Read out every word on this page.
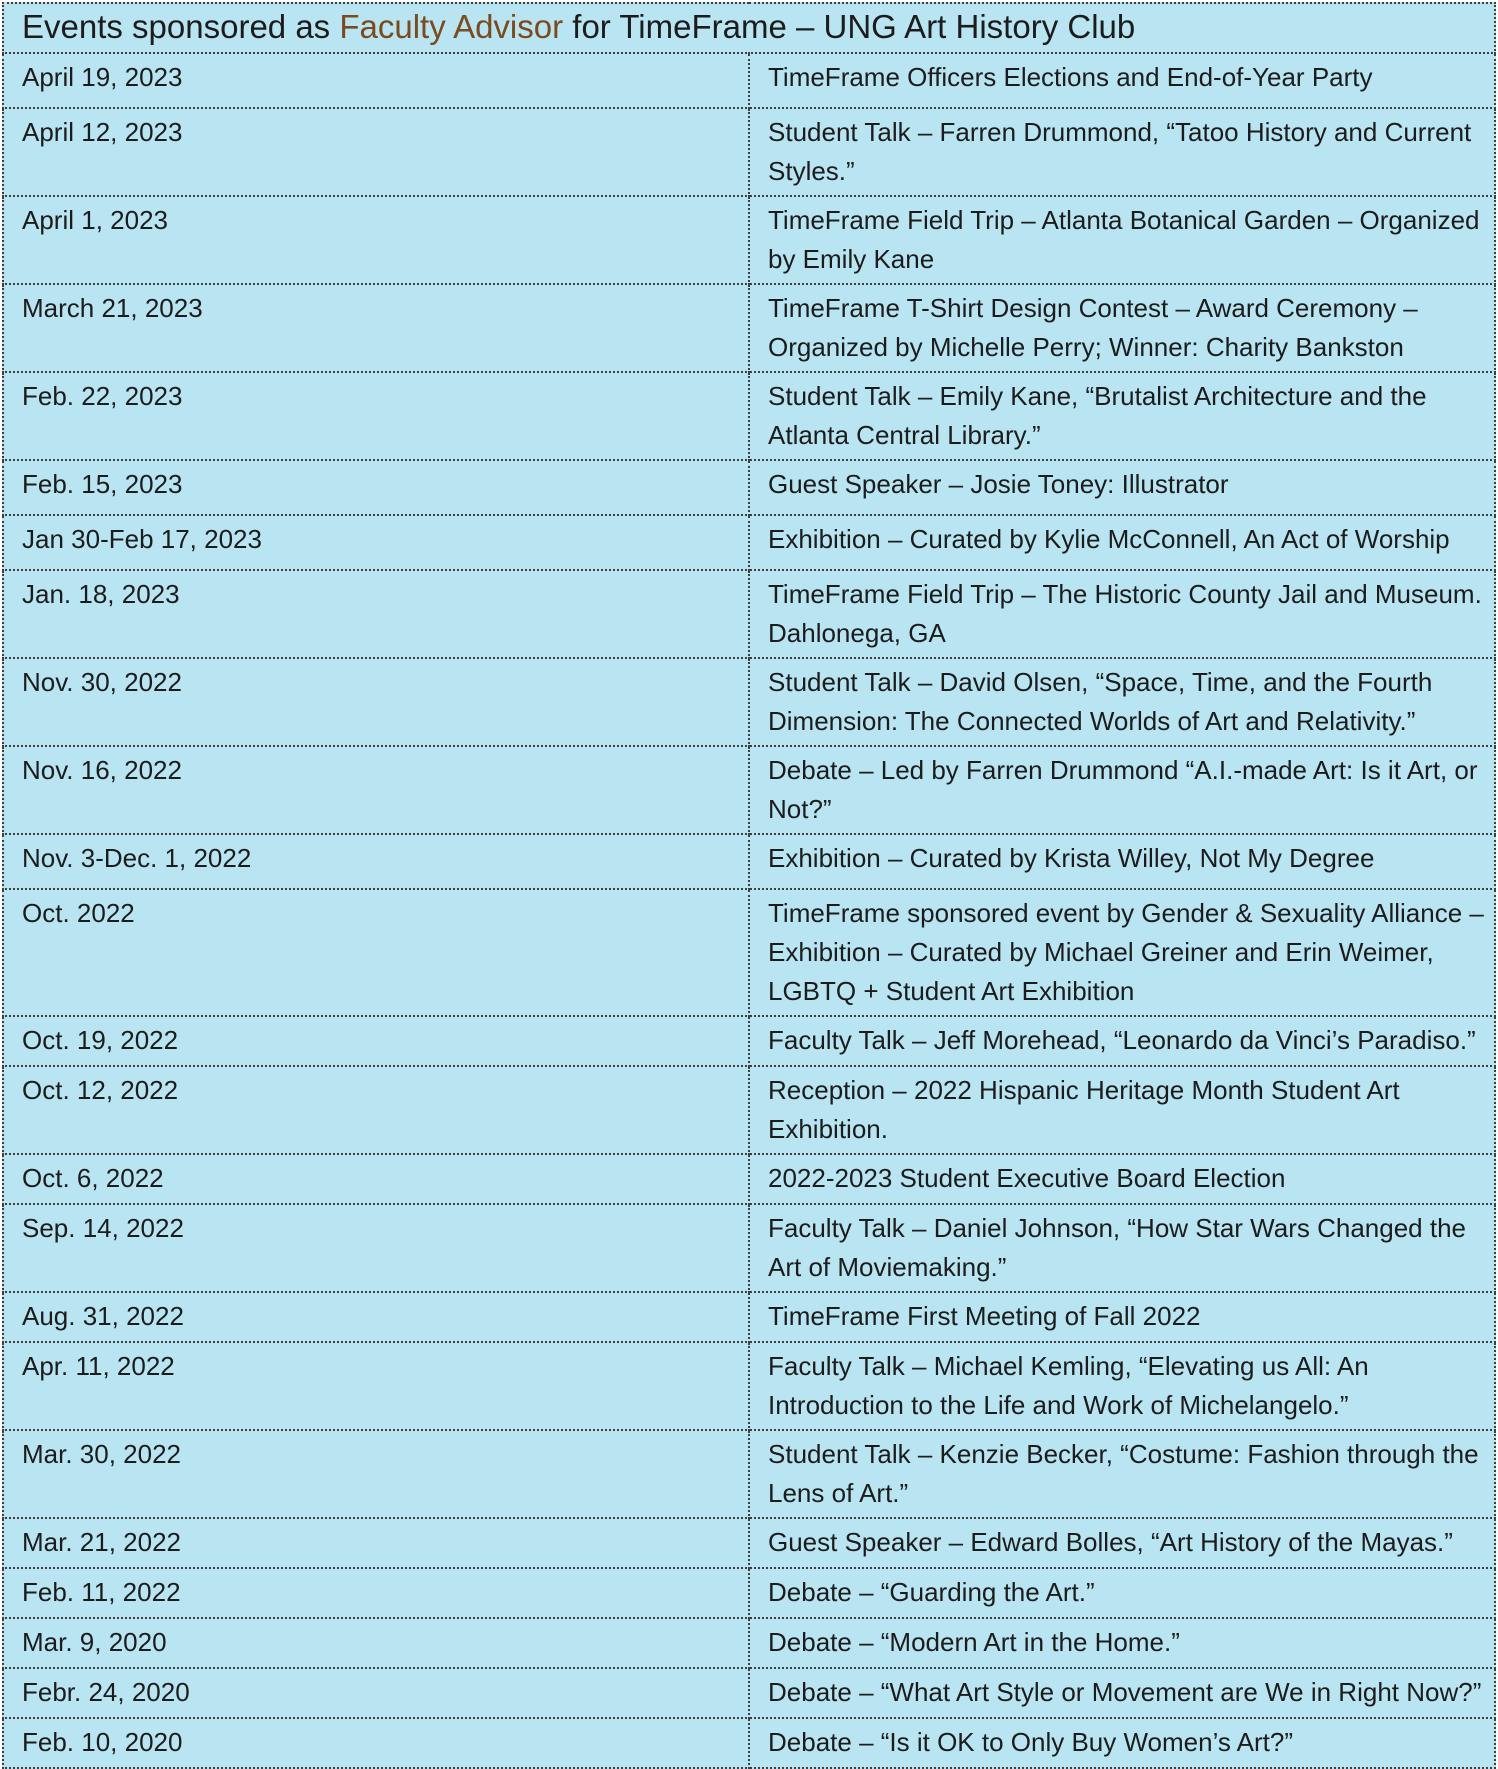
Events sponsored as Faculty Advisor for TimeFrame – UNG Art History Club	
April 19, 2023	TimeFrame Officers Elections and End-of-Year Party
April 12, 2023	Student Talk – Farren Drummond, “Tatoo History and Current Styles.”
April 1, 2023	TimeFrame Field Trip – Atlanta Botanical Garden – Organized by Emily Kane
March 21, 2023	TimeFrame T-Shirt Design Contest – Award Ceremony – Organized by Michelle Perry; Winner: Charity Bankston
Feb. 22, 2023	Student Talk – Emily Kane, “Brutalist Architecture and the Atlanta Central Library.”
Feb. 15, 2023	Guest Speaker – Josie Toney: Illustrator
Jan 30-Feb 17, 2023	Exhibition – Curated by Kylie McConnell, An Act of Worship
Jan. 18, 2023	TimeFrame Field Trip – The Historic County Jail and Museum. Dahlonega, GA
Nov. 30, 2022	Student Talk – David Olsen, “Space, Time, and the Fourth Dimension: The Connected Worlds of Art and Relativity.”
Nov. 16, 2022	Debate – Led by Farren Drummond “A.I.-made Art: Is it Art, or Not?”
Nov. 3-Dec. 1, 2022	Exhibition – Curated by Krista Willey, Not My Degree
Oct. 2022	TimeFrame sponsored event by Gender & Sexuality Alliance – Exhibition – Curated by Michael Greiner and Erin Weimer, LGBTQ + Student Art Exhibition
Oct. 19, 2022	Faculty Talk – Jeff Morehead, “Leonardo da Vinci’s Paradiso.”
Oct. 12, 2022	Reception – 2022 Hispanic Heritage Month Student Art Exhibition.
Oct. 6, 2022	2022-2023 Student Executive Board Election
Sep. 14, 2022	Faculty Talk – Daniel Johnson, “How Star Wars Changed the Art of Moviemaking.”
Aug. 31, 2022	TimeFrame First Meeting of Fall 2022
Apr. 11, 2022	Faculty Talk – Michael Kemling, “Elevating us All: An Introduction to the Life and Work of Michelangelo.”
Mar. 30, 2022	Student Talk – Kenzie Becker, “Costume: Fashion through the Lens of Art.”
Mar. 21, 2022	Guest Speaker – Edward Bolles, “Art History of the Mayas.”
Feb. 11, 2022	Debate – “Guarding the Art.”
Mar. 9, 2020	Debate – “Modern Art in the Home.”
Febr. 24, 2020	Debate – “What Art Style or Movement are We in Right Now?”
Feb. 10, 2020	Debate – “Is it OK to Only Buy Women’s Art?”
